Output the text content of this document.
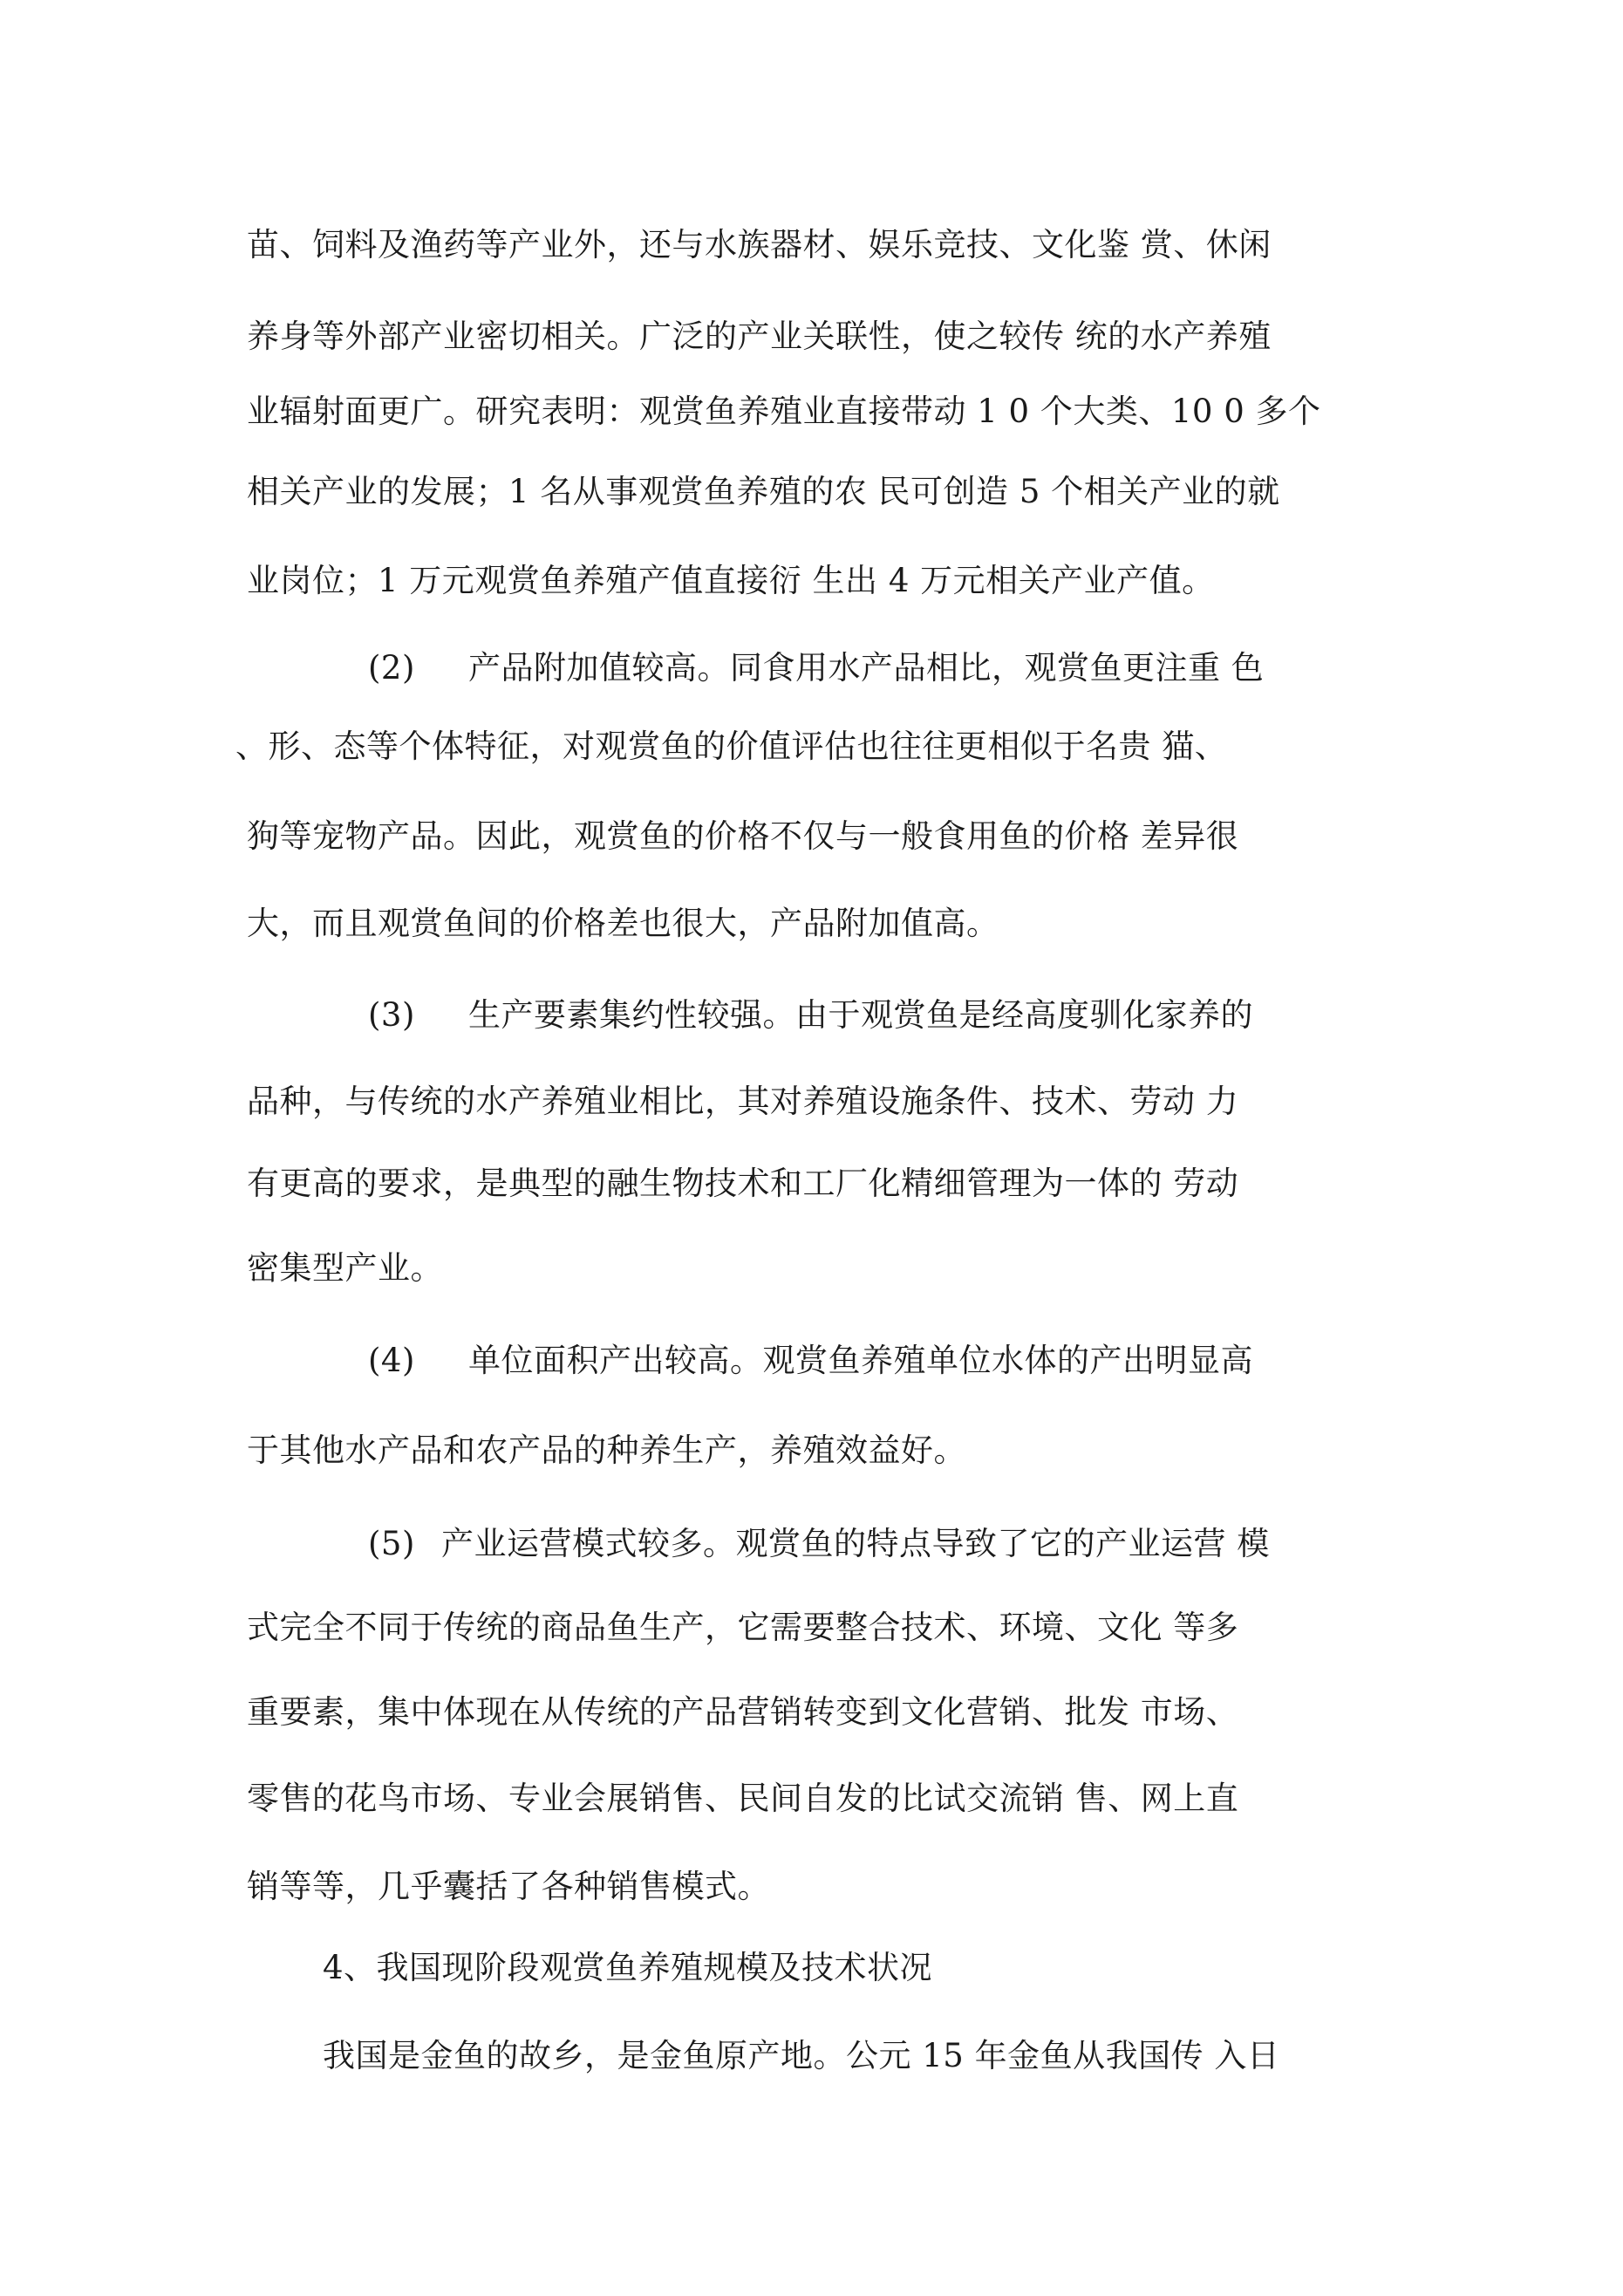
苗、饲料及渔药等产业外，还与水族器材、娱乐竞技、文化鉴 赏、休闲
养身等外部产业密切相关。广泛的产业关联性，使之较传 统的水产养殖
业辐射面更广。研究表明：观赏鱼养殖业直接带动 1 0 个大类、10 0 多个
相关产业的发展；1 名从事观赏鱼养殖的农 民可创造 5 个相关产业的就
业岗位；1 万元观赏鱼养殖产值直接衍 生出 4 万元相关产业产值。
(2) 产品附加值较高。同食用水产品相比，观赏鱼更注重 色
、形、态等个体特征，对观赏鱼的价值评估也往往更相似于名贵 猫、
狗等宠物产品。因此，观赏鱼的价格不仅与一般食用鱼的价格 差异很
大，而且观赏鱼间的价格差也很大，产品附加值高。
(3) 生产要素集约性较强。由于观赏鱼是经高度驯化家养的
品种，与传统的水产养殖业相比，其对养殖设施条件、技术、劳动 力
有更高的要求，是典型的融生物技术和工厂化精细管理为一体的 劳动
密集型产业。
(4) 单位面积产出较高。观赏鱼养殖单位水体的产出明显高
于其他水产品和农产品的种养生产，养殖效益好。
(5) 产业运营模式较多。观赏鱼的特点导致了它的产业运营 模
式完全不同于传统的商品鱼生产，它需要整合技术、环境、文化 等多
重要素，集中体现在从传统的产品营销转变到文化营销、批发 市场、
零售的花鸟市场、专业会展销售、民间自发的比试交流销 售、网上直
销等等，几乎囊括了各种销售模式。
4、我国现阶段观赏鱼养殖规模及技术状况
我国是金鱼的故乡，是金鱼原产地。公元 15 年金鱼从我国传 入日
